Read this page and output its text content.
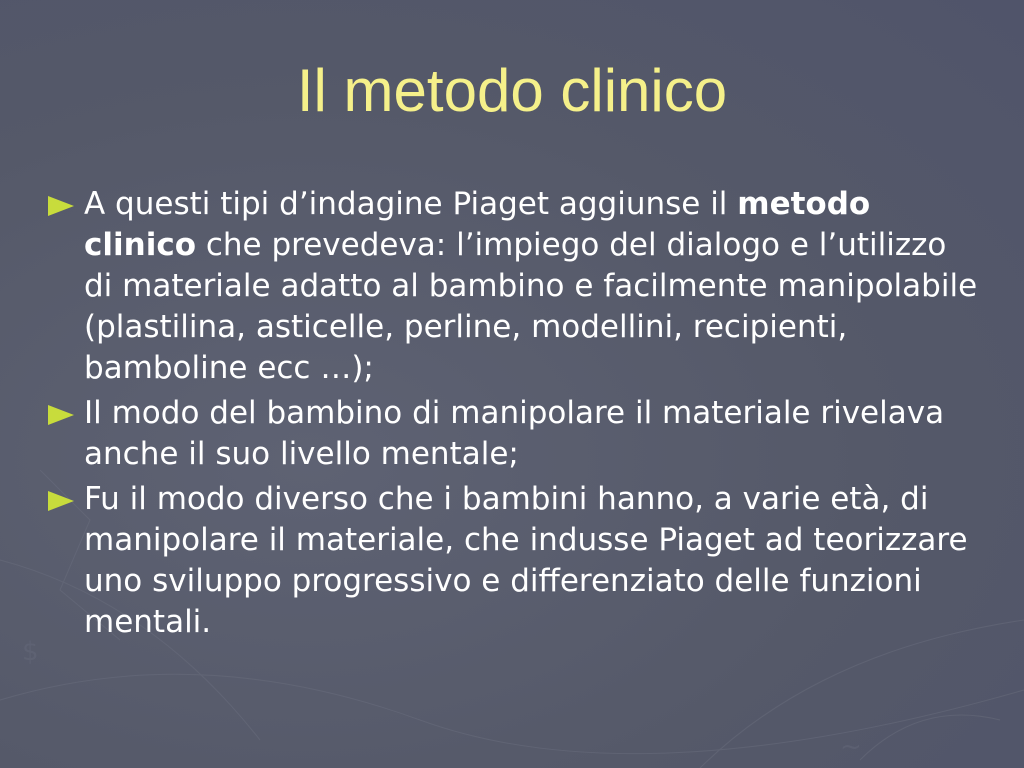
$
~
Il metodo clinico
A questi tipi d’indagine Piaget aggiunse il metodo clinico che prevedeva: l’impiego del dialogo e l’utilizzo di materiale adatto al bambino e facilmente manipolabile (plastilina, asticelle, perline, modellini, recipienti, bamboline ecc …);
Il modo del bambino di manipolare il materiale rivelava anche il suo livello mentale;
Fu il modo diverso che i bambini hanno, a varie età, di manipolare il materiale, che indusse Piaget ad teorizzare uno sviluppo progressivo e differenziato delle funzioni mentali.
